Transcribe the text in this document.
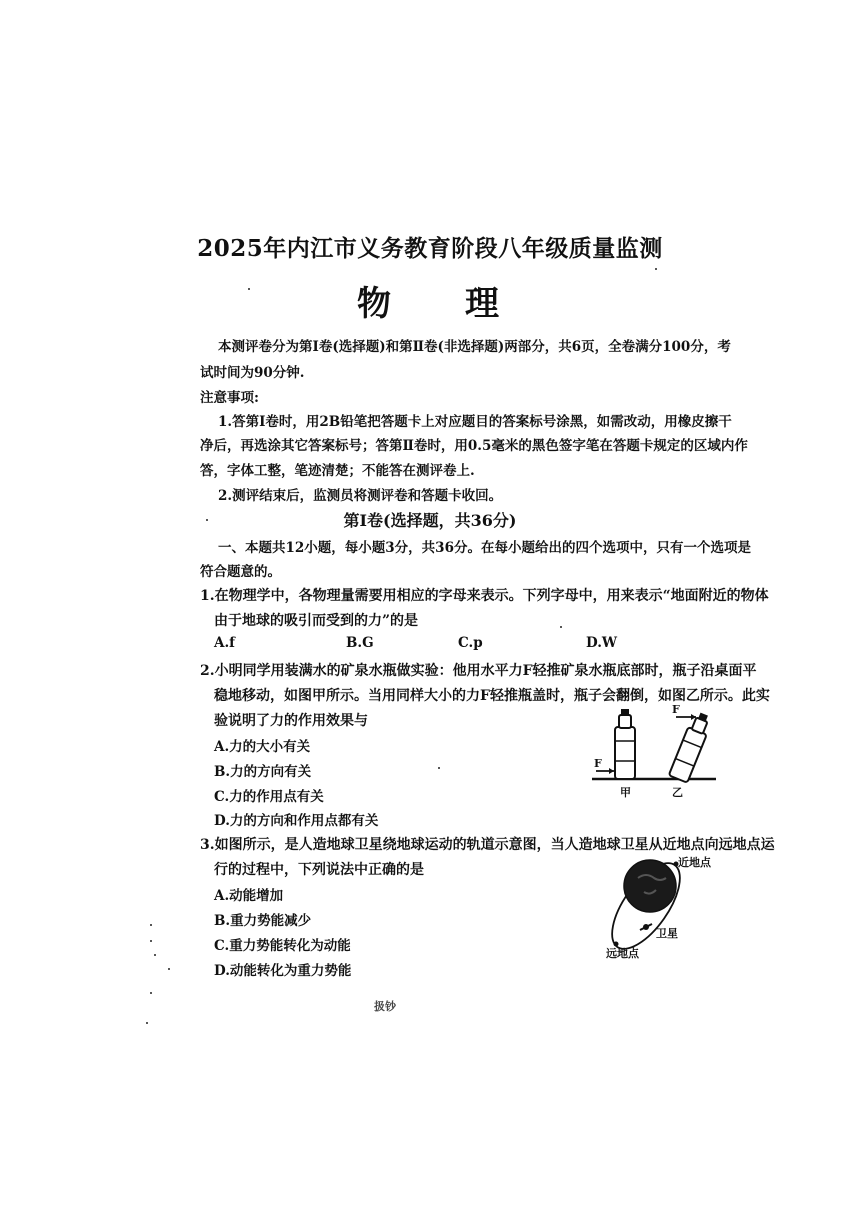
2025年内江市义务教育阶段八年级质量监测
物 理
本测评卷分为第Ⅰ卷(选择题)和第Ⅱ卷(非选择题)两部分，共6页，全卷满分100分，考
试时间为90分钟.
注意事项:
1.答第Ⅰ卷时，用2B铅笔把答题卡上对应题目的答案标号涂黑，如需改动，用橡皮擦干
净后，再选涂其它答案标号；答第Ⅱ卷时，用0.5毫米的黑色签字笔在答题卡规定的区域内作
答，字体工整，笔迹清楚；不能答在测评卷上.
2.测评结束后，监测员将测评卷和答题卡收回。
第Ⅰ卷(选择题，共36分)
一、本题共12小题，每小题3分，共36分。在每小题给出的四个选项中，只有一个选项是
符合题意的。
1.在物理学中，各物理量需要用相应的字母来表示。下列字母中，用来表示“地面附近的物体
由于地球的吸引而受到的力”的是
A.f	B.G	C.p	D.W
2.小明同学用装满水的矿泉水瓶做实验：他用水平力F轻推矿泉水瓶底部时，瓶子沿桌面平
稳地移动，如图甲所示。当用同样大小的力F轻推瓶盖时，瓶子会翻倒，如图乙所示。此实
验说明了力的作用效果与
A.力的大小有关
B.力的方向有关
C.力的作用点有关
D.力的方向和作用点都有关
F
F
甲	乙
3.如图所示，是人造地球卫星绕地球运动的轨道示意图，当人造地球卫星从近地点向远地点运
行的过程中，下列说法中正确的是
A.动能增加
B.重力势能减少
C.重力势能转化为动能
D.动能转化为重力势能
近地点
卫星
远地点
扱钞
